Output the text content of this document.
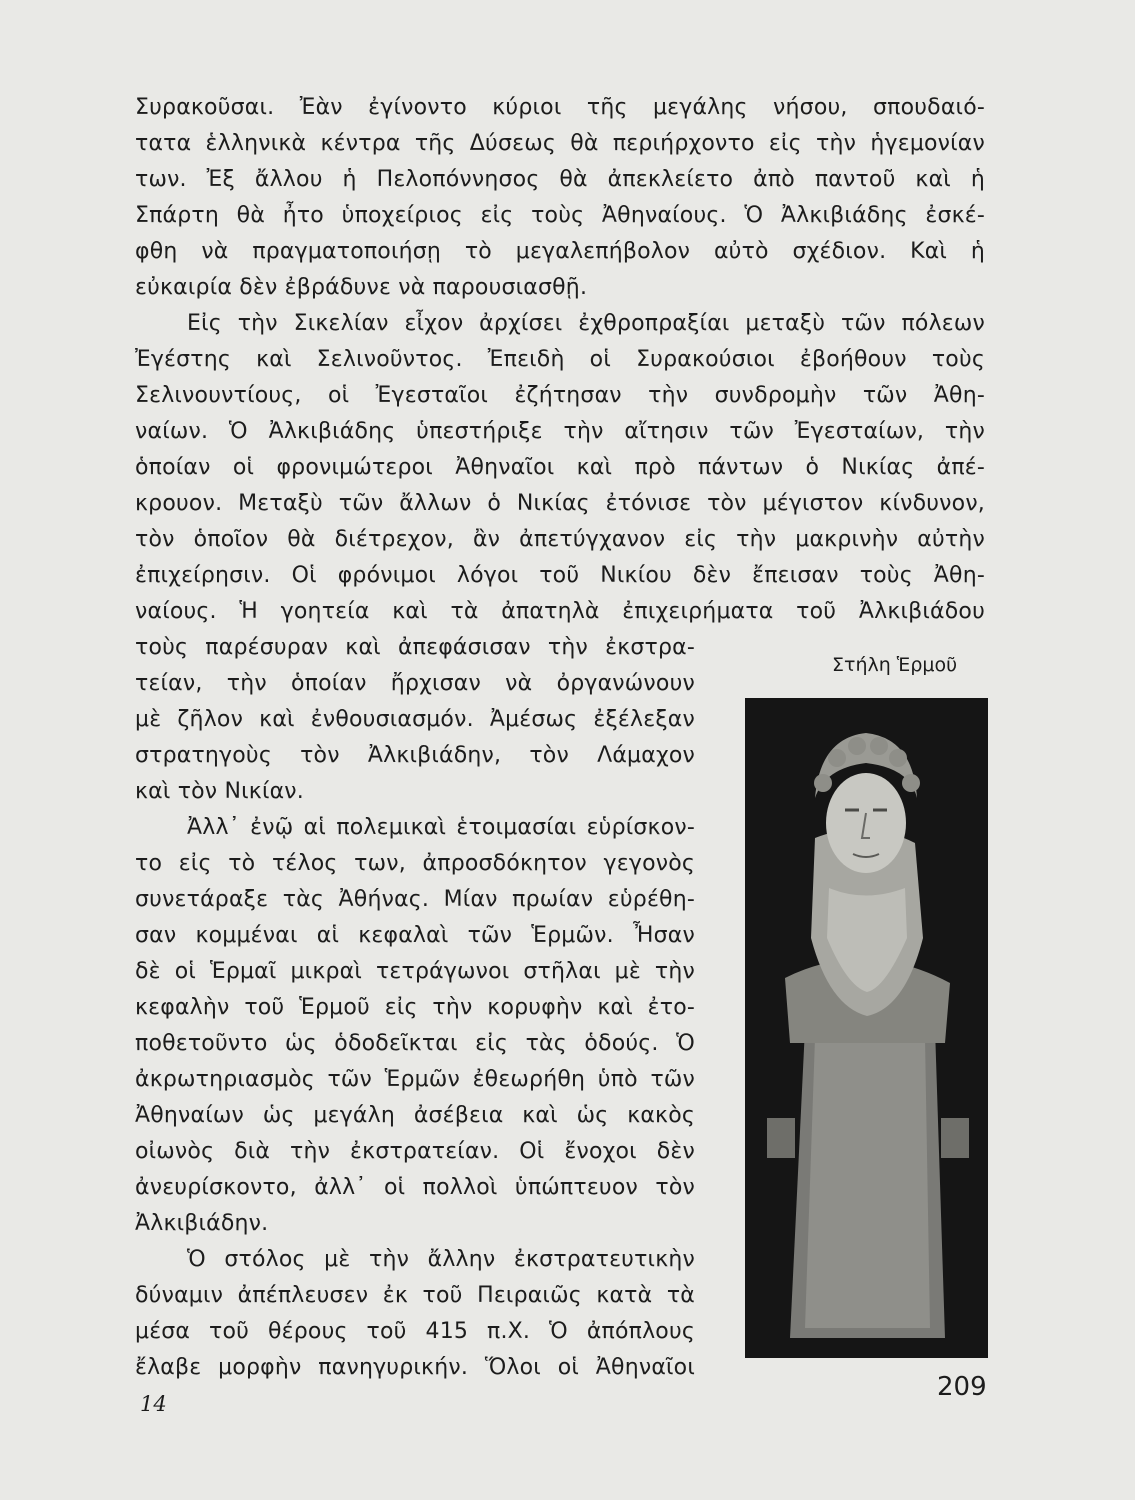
Συρακοῦσαι. Ἐὰν ἐγίνοντο κύριοι τῆς μεγάλης νήσου, σπουδαιό-
τατα ἑλληνικὰ κέντρα τῆς Δύσεως θὰ περιήρχοντο εἰς τὴν ἡγεμονίαν
των. Ἐξ ἄλλου ἡ Πελοπόννησος θὰ ἀπεκλείετο ἀπὸ παντοῦ καὶ ἡ
Σπάρτη θὰ ἦτο ὑποχείριος εἰς τοὺς Ἀθηναίους. Ὁ Ἀλκιβιάδης ἐσκέ-
φθη νὰ πραγματοποιήσῃ τὸ μεγαλεπήβολον αὐτὸ σχέδιον. Καὶ ἡ
εὐκαιρία δὲν ἐβράδυνε νὰ παρουσιασθῇ.
Εἰς τὴν Σικελίαν εἶχον ἀρχίσει ἐχθροπραξίαι μεταξὺ τῶν πόλεων
Ἐγέστης καὶ Σελινοῦντος. Ἐπειδὴ οἱ Συρακούσιοι ἐβοήθουν τοὺς
Σελινουντίους, οἱ Ἐγεσταῖοι ἐζήτησαν τὴν συνδρομὴν τῶν Ἀθη-
ναίων. Ὁ Ἀλκιβιάδης ὑπεστήριξε τὴν αἴτησιν τῶν Ἐγεσταίων, τὴν
ὁποίαν οἱ φρονιμώτεροι Ἀθηναῖοι καὶ πρὸ πάντων ὁ Νικίας ἀπέ-
κρουον. Μεταξὺ τῶν ἄλλων ὁ Νικίας ἐτόνισε τὸν μέγιστον κίνδυνον,
τὸν ὁποῖον θὰ διέτρεχον, ἂν ἀπετύγχανον εἰς τὴν μακρινὴν αὐτὴν
ἐπιχείρησιν. Οἱ φρόνιμοι λόγοι τοῦ Νικίου δὲν ἔπεισαν τοὺς Ἀθη-
ναίους. Ἡ γοητεία καὶ τὰ ἀπατηλὰ ἐπιχειρήματα τοῦ Ἀλκιβιάδου
τοὺς παρέσυραν καὶ ἀπεφάσισαν τὴν ἐκστρα-
τείαν, τὴν ὁποίαν ἤρχισαν νὰ ὀργανώνουν
μὲ ζῆλον καὶ ἐνθουσιασμόν. Ἀμέσως ἐξέλεξαν
στρατηγοὺς τὸν Ἀλκιβιάδην, τὸν Λάμαχον
καὶ τὸν Νικίαν.
Ἀλλ᾽ ἐνῷ αἱ πολεμικαὶ ἑτοιμασίαι εὑρίσκον-
το εἰς τὸ τέλος των, ἀπροσδόκητον γεγονὸς
συνετάραξε τὰς Ἀθήνας. Μίαν πρωίαν εὑρέθη-
σαν κομμέναι αἱ κεφαλαὶ τῶν Ἑρμῶν. Ἦσαν
δὲ οἱ Ἑρμαῖ μικραὶ τετράγωνοι στῆλαι μὲ τὴν
κεφαλὴν τοῦ Ἑρμοῦ εἰς τὴν κορυφὴν καὶ ἐτο-
ποθετοῦντο ὡς ὁδοδεῖκται εἰς τὰς ὁδούς. Ὁ
ἀκρωτηριασμὸς τῶν Ἑρμῶν ἐθεωρήθη ὑπὸ τῶν
Ἀθηναίων ὡς μεγάλη ἀσέβεια καὶ ὡς κακὸς
οἰωνὸς διὰ τὴν ἐκστρατείαν. Οἱ ἔνοχοι δὲν
ἀνευρίσκοντο, ἀλλ᾽ οἱ πολλοὶ ὑπώπτευον τὸν
Ἀλκιβιάδην.
Ὁ στόλος μὲ τὴν ἄλλην ἐκστρατευτικὴν
δύναμιν ἀπέπλευσεν ἐκ τοῦ Πειραιῶς κατὰ τὰ
μέσα τοῦ θέρους τοῦ 415 π.Χ. Ὁ ἀπόπλους
ἔλαβε μορφὴν πανηγυρικήν. Ὅλοι οἱ Ἀθηναῖοι
Στήλη Ἑρμοῦ
14
209
